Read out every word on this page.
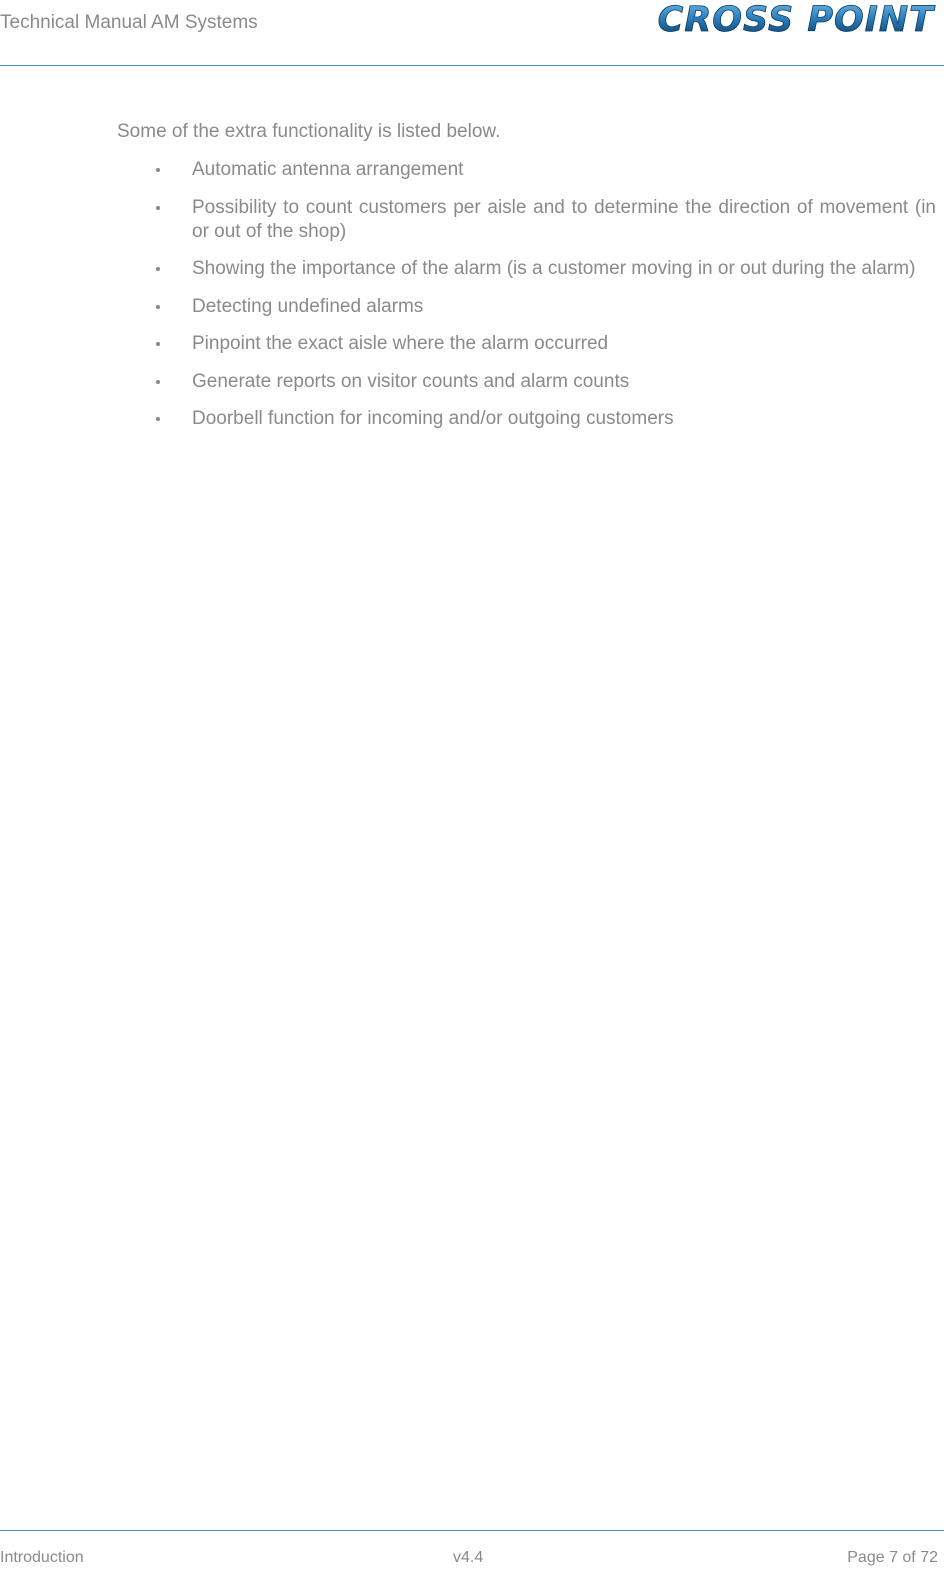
Technical Manual AM Systems	CROSS POINT
Some of the extra functionality is listed below.
Automatic antenna arrangement
Possibility to count customers per aisle and to determine the direction of movement (in or out of the shop)
Showing the importance of the alarm (is a customer moving in or out during the alarm)
Detecting undefined alarms
Pinpoint the exact aisle where the alarm occurred
Generate reports on visitor counts and alarm counts
Doorbell function for incoming and/or outgoing customers
Introduction	v4.4	Page 7 of 72
